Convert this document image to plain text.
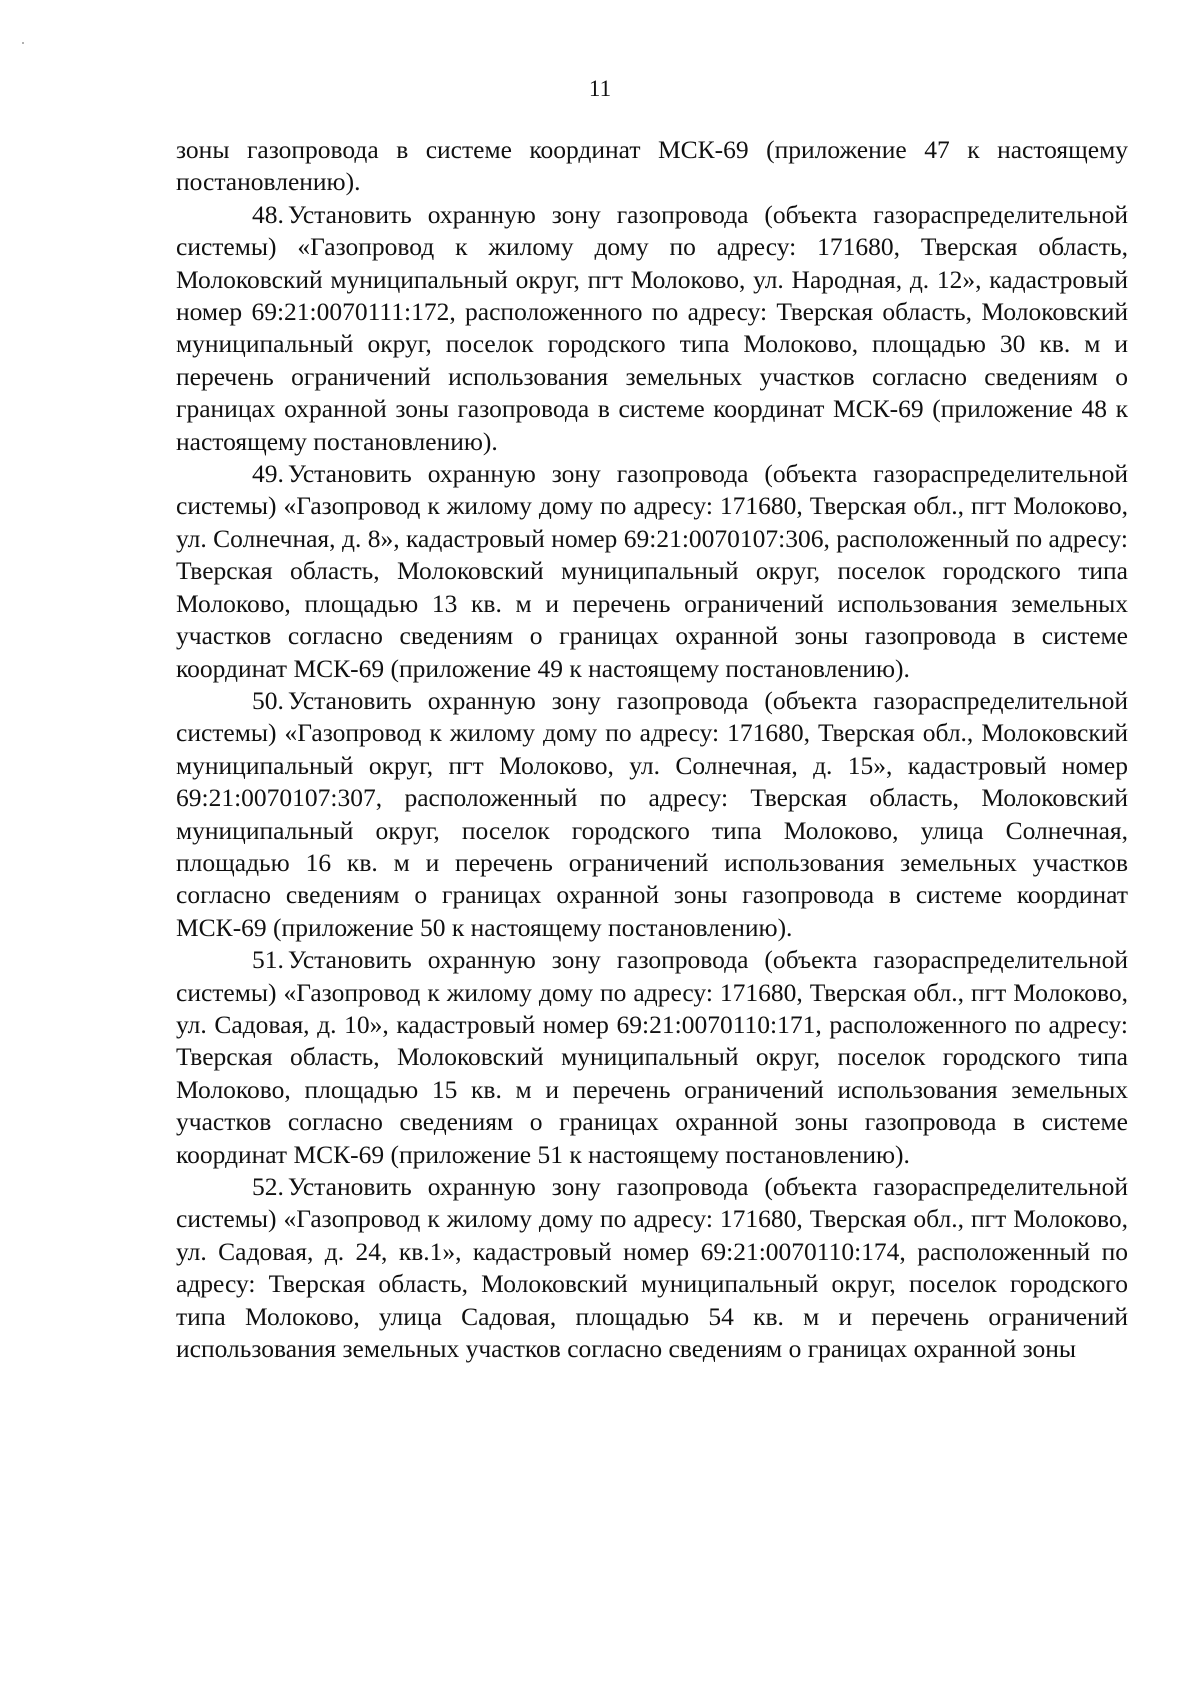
11

зоны газопровода в системе координат МСК-69 (приложение 47 к настоящему постановлению).

48. Установить охранную зону газопровода (объекта газораспределительной системы) «Газопровод к жилому дому по адресу: 171680, Тверская область, Молоковский муниципальный округ, пгт Молоково, ул. Народная, д. 12», кадастровый номер 69:21:0070111:172, расположенного по адресу: Тверская область, Молоковский муниципальный округ, поселок городского типа Молоково, площадью 30 кв. м и перечень ограничений использования земельных участков согласно сведениям о границах охранной зоны газопровода в системе координат МСК-69 (приложение 48 к настоящему постановлению).

49. Установить охранную зону газопровода (объекта газораспределительной системы) «Газопровод к жилому дому по адресу: 171680, Тверская обл., пгт Молоково, ул. Солнечная, д. 8», кадастровый номер 69:21:0070107:306, расположенный по адресу: Тверская область, Молоковский муниципальный округ, поселок городского типа Молоково, площадью 13 кв. м и перечень ограничений использования земельных участков согласно сведениям о границах охранной зоны газопровода в системе координат МСК-69 (приложение 49 к настоящему постановлению).

50. Установить охранную зону газопровода (объекта газораспределительной системы) «Газопровод к жилому дому по адресу: 171680, Тверская обл., Молоковский муниципальный округ, пгт Молоково, ул. Солнечная, д. 15», кадастровый номер 69:21:0070107:307, расположенный по адресу: Тверская область, Молоковский муниципальный округ, поселок городского типа Молоково, улица Солнечная, площадью 16 кв. м и перечень ограничений использования земельных участков согласно сведениям о границах охранной зоны газопровода в системе координат МСК-69 (приложение 50 к настоящему постановлению).

51. Установить охранную зону газопровода (объекта газораспределительной системы) «Газопровод к жилому дому по адресу: 171680, Тверская обл., пгт Молоково, ул. Садовая, д. 10», кадастровый номер 69:21:0070110:171, расположенного по адресу: Тверская область, Молоковский муниципальный округ, поселок городского типа Молоково, площадью 15 кв. м и перечень ограничений использования земельных участков согласно сведениям о границах охранной зоны газопровода в системе координат МСК-69 (приложение 51 к настоящему постановлению).

52. Установить охранную зону газопровода (объекта газораспределительной системы) «Газопровод к жилому дому по адресу: 171680, Тверская обл., пгт Молоково, ул. Садовая, д. 24, кв.1», кадастровый номер 69:21:0070110:174, расположенный по адресу: Тверская область, Молоковский муниципальный округ, поселок городского типа Молоково, улица Садовая, площадью 54 кв. м и перечень ограничений использования земельных участков согласно сведениям о границах охранной зоны
